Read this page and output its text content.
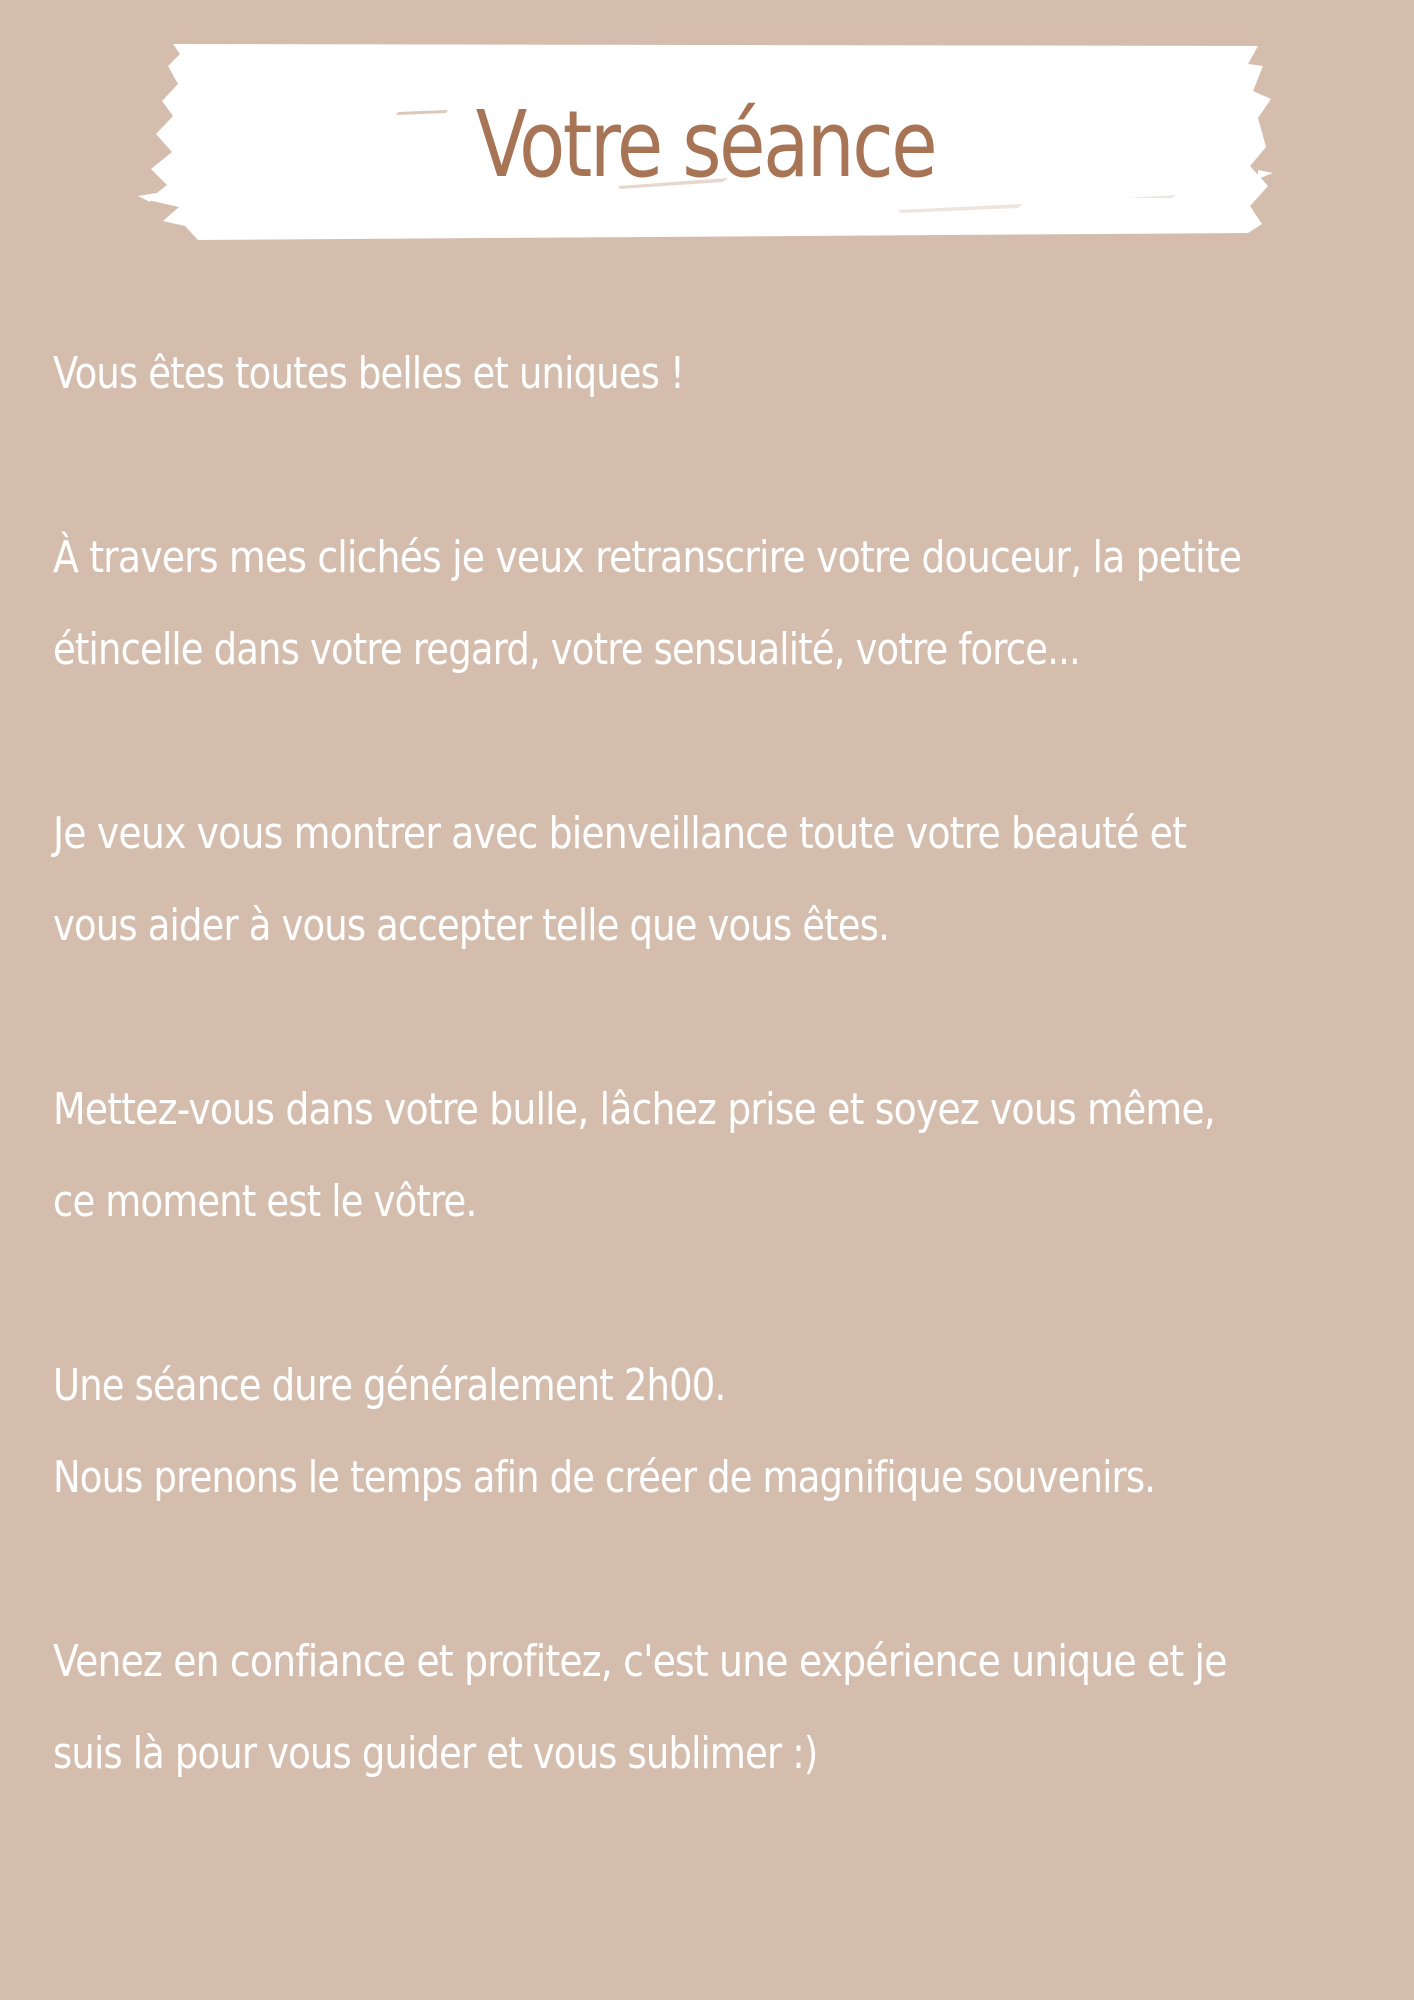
Votre séance

Vous êtes toutes belles et uniques !

À travers mes clichés je veux retranscrire votre douceur, la petite
étincelle dans votre regard, votre sensualité, votre force...

Je veux vous montrer avec bienveillance toute votre beauté et
vous aider à vous accepter telle que vous êtes.

Mettez-vous dans votre bulle, lâchez prise et soyez vous même,
ce moment est le vôtre.

Une séance dure généralement 2h00.
Nous prenons le temps afin de créer de magnifique souvenirs.

Venez en confiance et profitez, c'est une expérience unique et je
suis là pour vous guider et vous sublimer :)
